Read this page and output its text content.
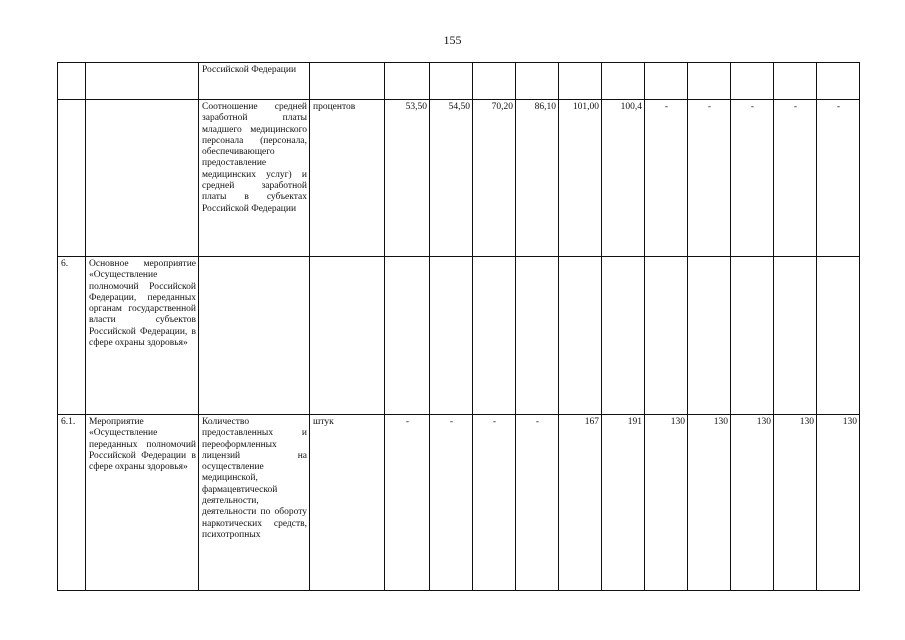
155
		Российской Федерации												
		Соотношение средней заработной платы младшего медицинского персонала (персонала, обеспечивающего предоставление медицинских услуг) и средней заработной платы в субъектах Российской Федерации	процентов	53,50	54,50	70,20	86,10	101,00	100,4	-	-	-	-	-
6.	Основное мероприятие «Осуществление полномочий Российской Федерации, переданных органам государственной власти субъектов Российской Федерации, в сфере охраны здоровья»													
6.1.	Мероприятие «Осуществление переданных полномочий Российской Федерации в сфере охраны здоровья»	Количество предоставленных и переоформленных лицензий на осуществление медицинской, фармацевтической деятельности, деятельности по обороту наркотических средств, психотропных	штук	-	-	-	-	167	191	130	130	130	130	130
